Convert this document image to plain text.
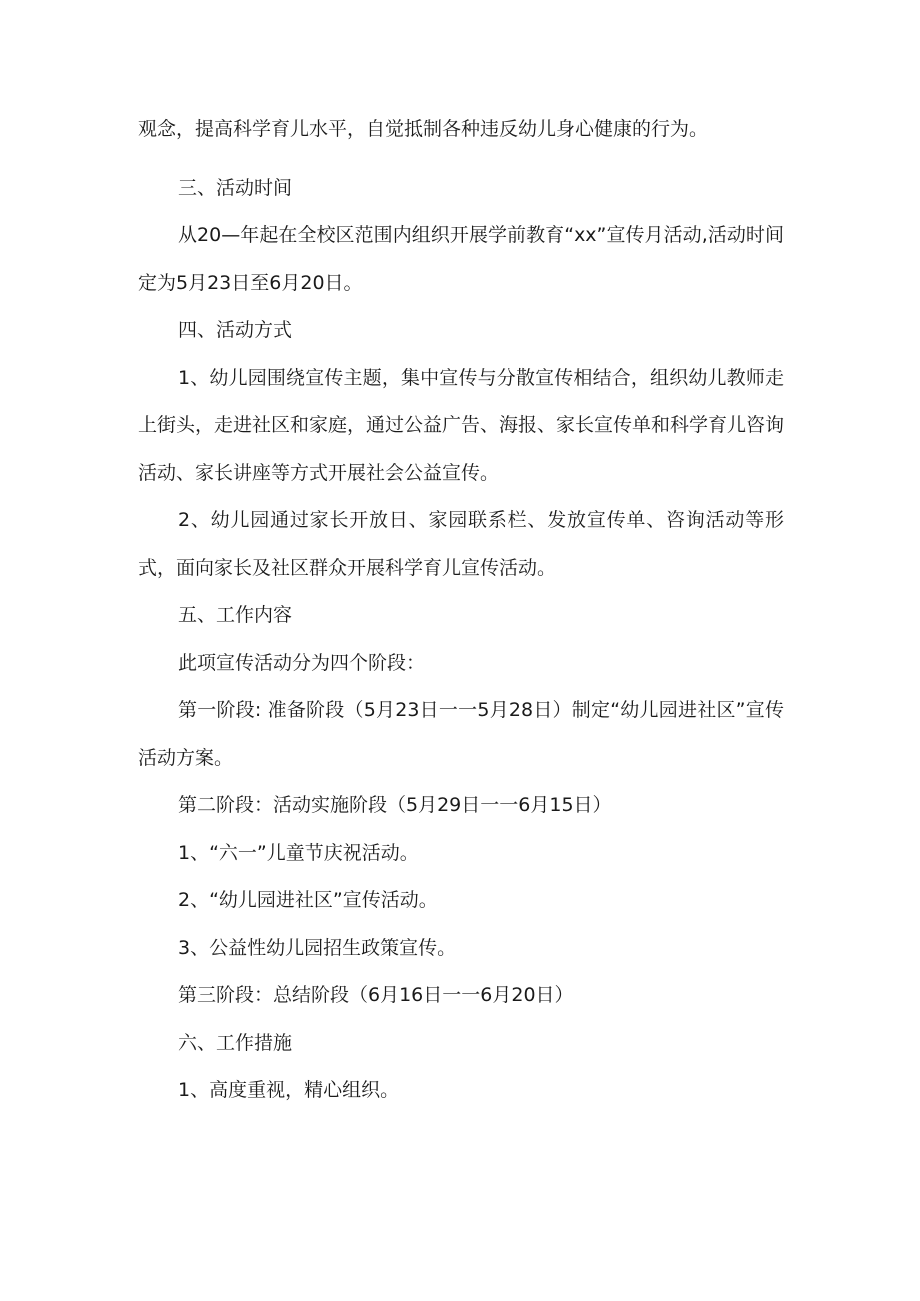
观念，提高科学育儿水平，自觉抵制各种违反幼儿身心健康的行为。

三、活动时间

从20—年起在全校区范围内组织开展学前教育“xx”宣传月活动,活动时间定为5月23日至6月20日。

四、活动方式

1、幼儿园围绕宣传主题，集中宣传与分散宣传相结合，组织幼儿教师走上街头，走进社区和家庭，通过公益广告、海报、家长宣传单和科学育儿咨询活动、家长讲座等方式开展社会公益宣传。

2、幼儿园通过家长开放日、家园联系栏、发放宣传单、咨询活动等形式，面向家长及社区群众开展科学育儿宣传活动。

五、工作内容

此项宣传活动分为四个阶段：

第一阶段: 准备阶段（5月23日一一5月28日）制定“幼儿园进社区”宣传活动方案。

第二阶段：活动实施阶段（5月29日一一6月15日）

1、“六一”儿童节庆祝活动。

2、“幼儿园进社区”宣传活动。

3、公益性幼儿园招生政策宣传。

第三阶段：总结阶段（6月16日一一6月20日）

六、工作措施

1、高度重视，精心组织。
